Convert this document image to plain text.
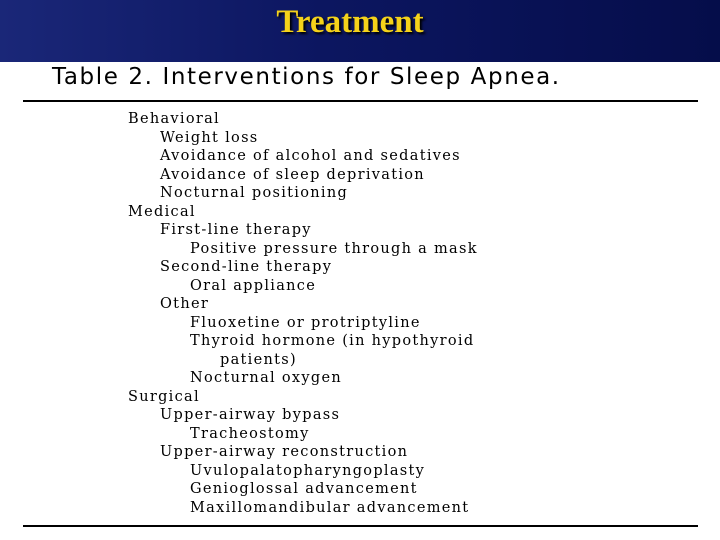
Treatment
Table 2. Interventions for Sleep Apnea.
Behavioral
Weight loss
Avoidance of alcohol and sedatives
Avoidance of sleep deprivation
Nocturnal positioning
Medical
First-line therapy
Positive pressure through a mask
Second-line therapy
Oral appliance
Other
Fluoxetine or protriptyline
Thyroid hormone (in hypothyroid
patients)
Nocturnal oxygen
Surgical
Upper-airway bypass
Tracheostomy
Upper-airway reconstruction
Uvulopalatopharyngoplasty
Genioglossal advancement
Maxillomandibular advancement
